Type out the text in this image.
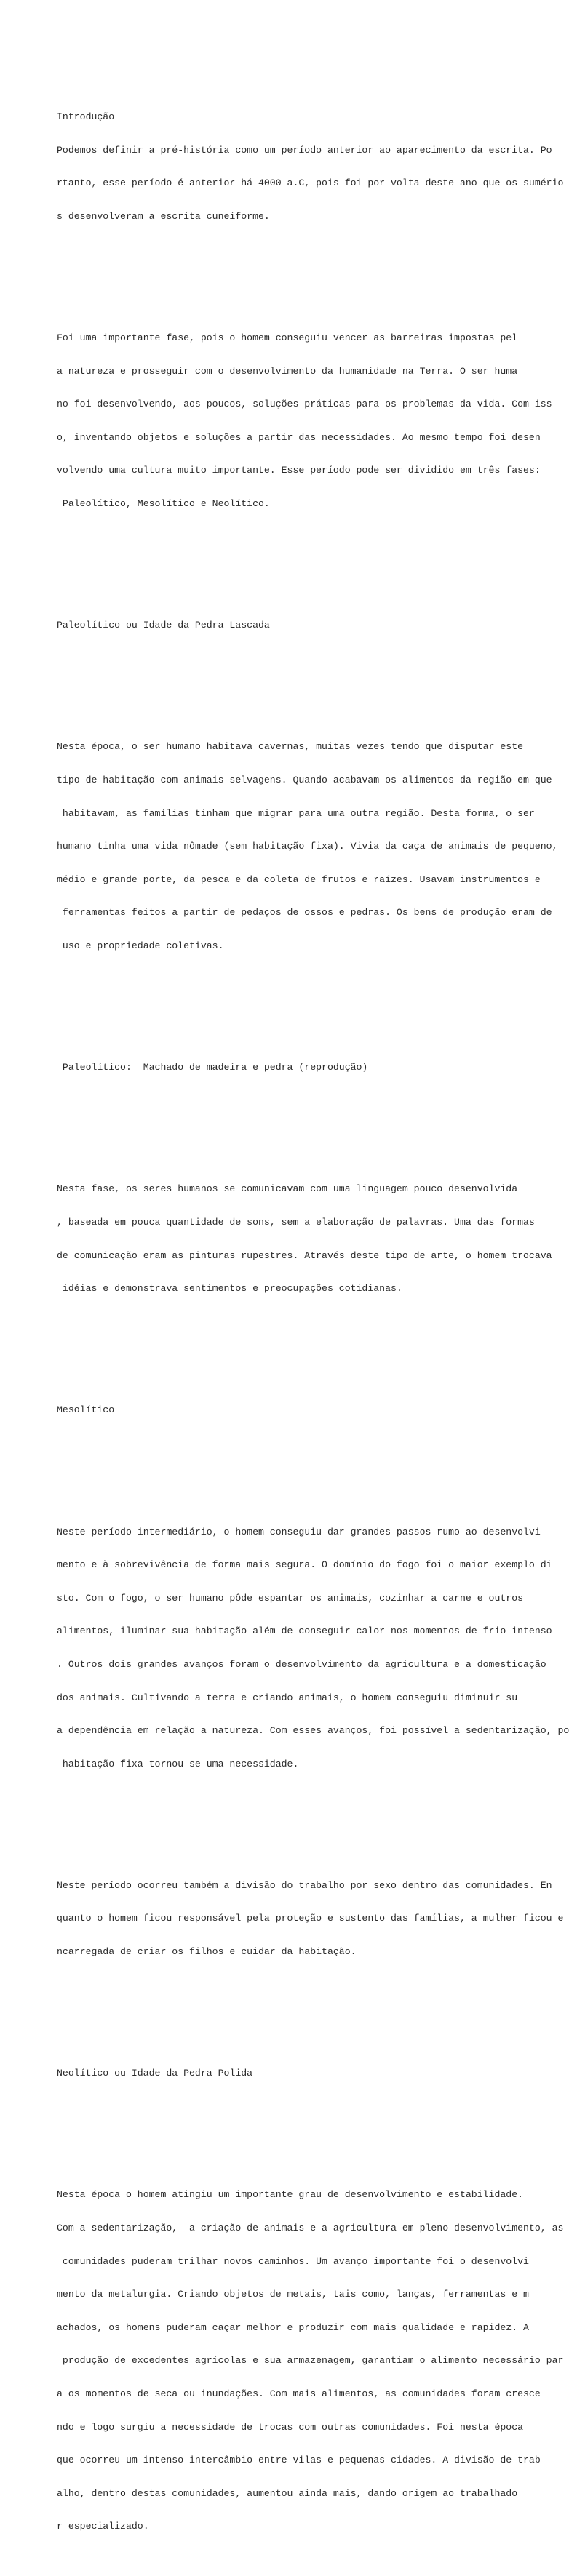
Introdução

Podemos definir a pré-história como um período anterior ao aparecimento da escrita. Po

rtanto, esse período é anterior há 4000 a.C, pois foi por volta deste ano que os sumério

s desenvolveram a escrita cuneiforme.

Foi uma importante fase, pois o homem conseguiu vencer as barreiras impostas pel

a natureza e prosseguir com o desenvolvimento da humanidade na Terra. O ser huma

no foi desenvolvendo, aos poucos, soluções práticas para os problemas da vida. Com iss

o, inventando objetos e soluções a partir das necessidades. Ao mesmo tempo foi desen

volvendo uma cultura muito importante. Esse período pode ser dividido em três fases:

Paleolítico, Mesolítico e Neolítico.

Paleolítico ou Idade da Pedra Lascada

Nesta época, o ser humano habitava cavernas, muitas vezes tendo que disputar este

tipo de habitação com animais selvagens. Quando acabavam os alimentos da região em que

habitavam, as famílias tinham que migrar para uma outra região. Desta forma, o ser

humano tinha uma vida nômade (sem habitação fixa). Vivia da caça de animais de pequeno,

médio e grande porte, da pesca e da coleta de frutos e raízes. Usavam instrumentos e

ferramentas feitos a partir de pedaços de ossos e pedras. Os bens de produção eram de

uso e propriedade coletivas.

Paleolítico:  Machado de madeira e pedra (reprodução)

Nesta fase, os seres humanos se comunicavam com uma linguagem pouco desenvolvida

, baseada em pouca quantidade de sons, sem a elaboração de palavras. Uma das formas

de comunicação eram as pinturas rupestres. Através deste tipo de arte, o homem trocava

idéias e demonstrava sentimentos e preocupações cotidianas.

Mesolítico

Neste período intermediário, o homem conseguiu dar grandes passos rumo ao desenvolvi

mento e à sobrevivência de forma mais segura. O domínio do fogo foi o maior exemplo di

sto. Com o fogo, o ser humano pôde espantar os animais, cozinhar a carne e outros

alimentos, iluminar sua habitação além de conseguir calor nos momentos de frio intenso

. Outros dois grandes avanços foram o desenvolvimento da agricultura e a domesticação

dos animais. Cultivando a terra e criando animais, o homem conseguiu diminuir su

a dependência em relação a natureza. Com esses avanços, foi possível a sedentarização, po

habitação fixa tornou-se uma necessidade.

Neste período ocorreu também a divisão do trabalho por sexo dentro das comunidades. En

quanto o homem ficou responsável pela proteção e sustento das famílias, a mulher ficou e

ncarregada de criar os filhos e cuidar da habitação.

Neolítico ou Idade da Pedra Polida

Nesta época o homem atingiu um importante grau de desenvolvimento e estabilidade.

Com a sedentarização,  a criação de animais e a agricultura em pleno desenvolvimento, as

comunidades puderam trilhar novos caminhos. Um avanço importante foi o desenvolvi

mento da metalurgia. Criando objetos de metais, tais como, lanças, ferramentas e m

achados, os homens puderam caçar melhor e produzir com mais qualidade e rapidez. A

produção de excedentes agrícolas e sua armazenagem, garantiam o alimento necessário par

a os momentos de seca ou inundações. Com mais alimentos, as comunidades foram cresce

ndo e logo surgiu a necessidade de trocas com outras comunidades. Foi nesta época

que ocorreu um intenso intercâmbio entre vilas e pequenas cidades. A divisão de trab

alho, dentro destas comunidades, aumentou ainda mais, dando origem ao trabalhado

r especializado.
